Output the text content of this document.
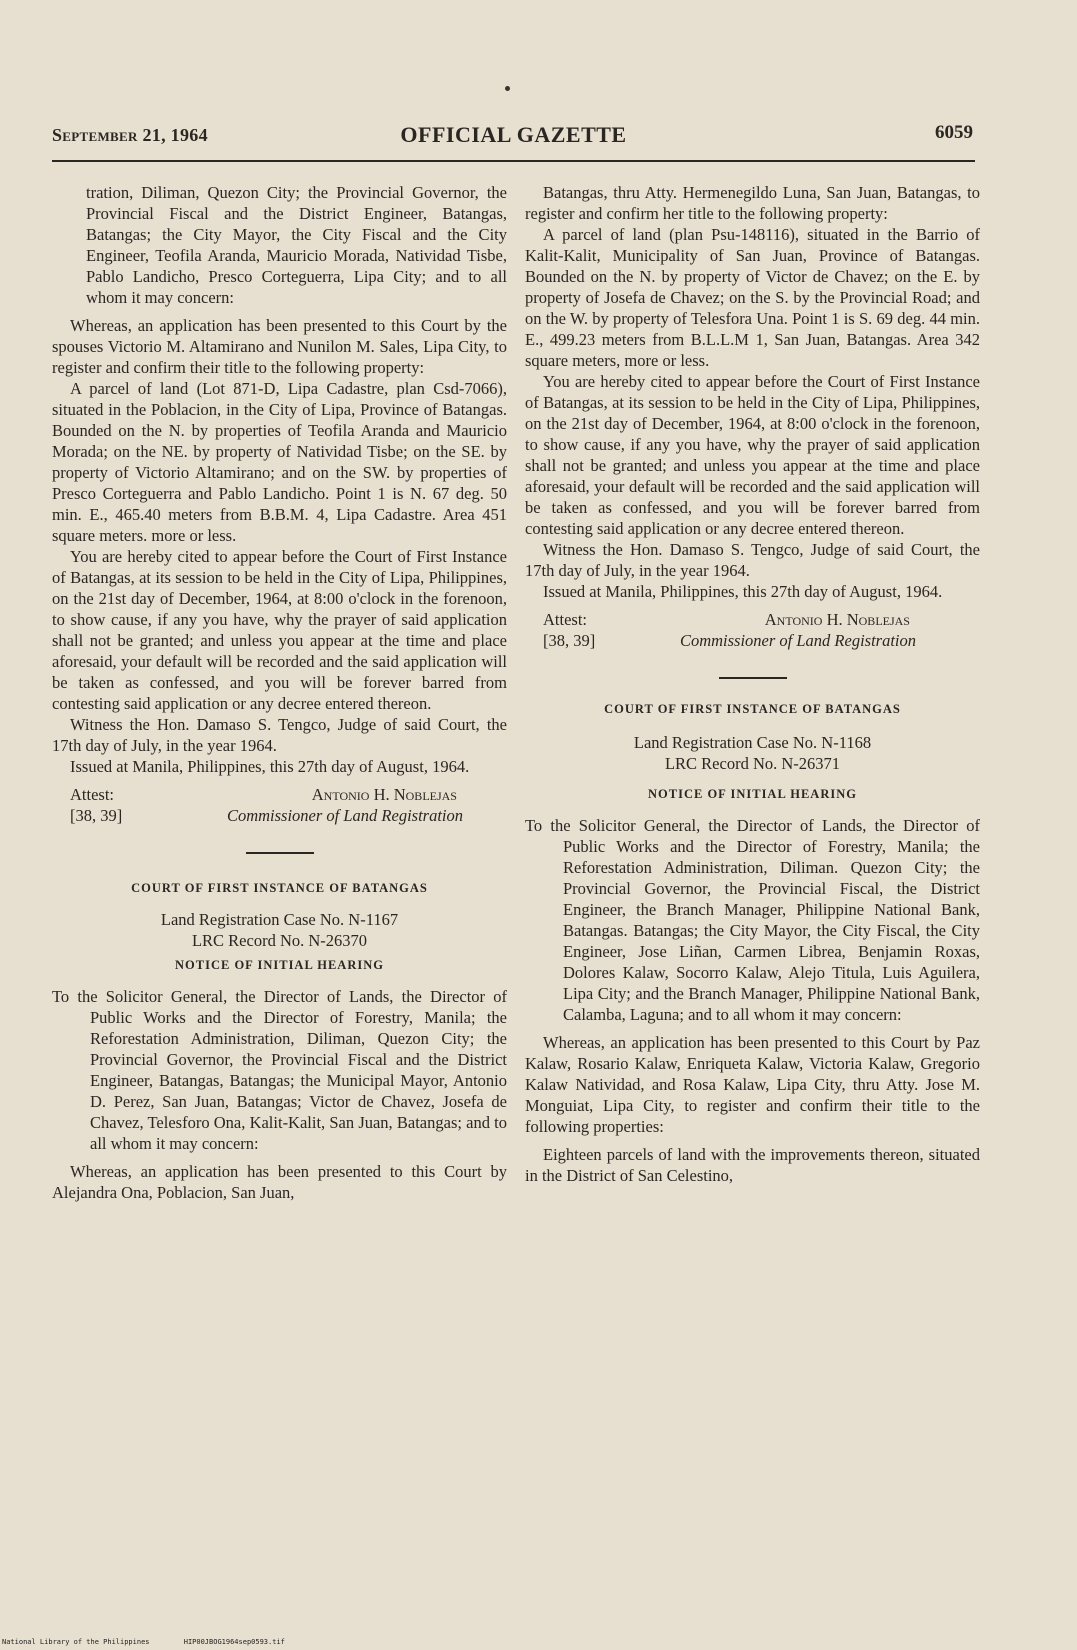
September 21, 1964	OFFICIAL GAZETTE	6059

tration, Diliman, Quezon City; the Provincial Governor, the Provincial Fiscal and the District Engineer, Batangas, Batangas; the City Mayor, the City Fiscal and the City Engineer, Teofila Aranda, Mauricio Morada, Natividad Tisbe, Pablo Landicho, Presco Corteguerra, Lipa City; and to all whom it may concern:

Whereas, an application has been presented to this Court by the spouses Victorio M. Altamirano and Nunilon M. Sales, Lipa City, to register and confirm their title to the following property:

A parcel of land (Lot 871-D, Lipa Cadastre, plan Csd-7066), situated in the Poblacion, in the City of Lipa, Province of Batangas. Bounded on the N. by properties of Teofila Aranda and Mauricio Morada; on the NE. by property of Natividad Tisbe; on the SE. by property of Victorio Altamirano; and on the SW. by properties of Presco Corteguerra and Pablo Landicho. Point 1 is N. 67 deg. 50 min. E., 465.40 meters from B.B.M. 4, Lipa Cadastre. Area 451 square meters. more or less.

You are hereby cited to appear before the Court of First Instance of Batangas, at its session to be held in the City of Lipa, Philippines, on the 21st day of December, 1964, at 8:00 o'clock in the forenoon, to show cause, if any you have, why the prayer of said application shall not be granted; and unless you appear at the time and place aforesaid, your default will be recorded and the said application will be taken as confessed, and you will be forever barred from contesting said application or any decree entered thereon.

Witness the Hon. Damaso S. Tengco, Judge of said Court, the 17th day of July, in the year 1964.

Issued at Manila, Philippines, this 27th day of August, 1964.

Attest:	Antonio H. Noblejas
[38, 39]	Commissioner of Land Registration

COURT OF FIRST INSTANCE OF BATANGAS

Land Registration Case No. N-1167

LRC Record No. N-26370

NOTICE OF INITIAL HEARING

To the Solicitor General, the Director of Lands, the Director of Public Works and the Director of Forestry, Manila; the Reforestation Administration, Diliman, Quezon City; the Provincial Governor, the Provincial Fiscal and the District Engineer, Batangas, Batangas; the Municipal Mayor, Antonio D. Perez, San Juan, Batangas; Victor de Chavez, Josefa de Chavez, Telesforo Ona, Kalit-Kalit, San Juan, Batangas; and to all whom it may concern:

Whereas, an application has been presented to this Court by Alejandra Ona, Poblacion, San Juan,

Batangas, thru Atty. Hermenegildo Luna, San Juan, Batangas, to register and confirm her title to the following property:

A parcel of land (plan Psu-148116), situated in the Barrio of Kalit-Kalit, Municipality of San Juan, Province of Batangas. Bounded on the N. by property of Victor de Chavez; on the E. by property of Josefa de Chavez; on the S. by the Provincial Road; and on the W. by property of Telesfora Una. Point 1 is S. 69 deg. 44 min. E., 499.23 meters from B.L.L.M 1, San Juan, Batangas. Area 342 square meters, more or less.

You are hereby cited to appear before the Court of First Instance of Batangas, at its session to be held in the City of Lipa, Philippines, on the 21st day of December, 1964, at 8:00 o'clock in the forenoon, to show cause, if any you have, why the prayer of said application shall not be granted; and unless you appear at the time and place aforesaid, your default will be recorded and the said application will be taken as confessed, and you will be forever barred from contesting said application or any decree entered thereon.

Witness the Hon. Damaso S. Tengco, Judge of said Court, the 17th day of July, in the year 1964.

Issued at Manila, Philippines, this 27th day of August, 1964.

Attest:	Antonio H. Noblejas
[38, 39]	Commissioner of Land Registration

COURT OF FIRST INSTANCE OF BATANGAS

Land Registration Case No. N-1168

LRC Record No. N-26371

NOTICE OF INITIAL HEARING

To the Solicitor General, the Director of Lands, the Director of Public Works and the Director of Forestry, Manila; the Reforestation Administration, Diliman. Quezon City; the Provincial Governor, the Provincial Fiscal, the District Engineer, the Branch Manager, Philippine National Bank, Batangas. Batangas; the City Mayor, the City Fiscal, the City Engineer, Jose Liñan, Carmen Librea, Benjamin Roxas, Dolores Kalaw, Socorro Kalaw, Alejo Titula, Luis Aguilera, Lipa City; and the Branch Manager, Philippine National Bank, Calamba, Laguna; and to all whom it may concern:

Whereas, an application has been presented to this Court by Paz Kalaw, Rosario Kalaw, Enriqueta Kalaw, Victoria Kalaw, Gregorio Kalaw Natividad, and Rosa Kalaw, Lipa City, thru Atty. Jose M. Monguiat, Lipa City, to register and confirm their title to the following properties:

Eighteen parcels of land with the improvements thereon, situated in the District of San Celestino,

National Library of the Philippines	HIP00JBOG1964sep0593.tif
